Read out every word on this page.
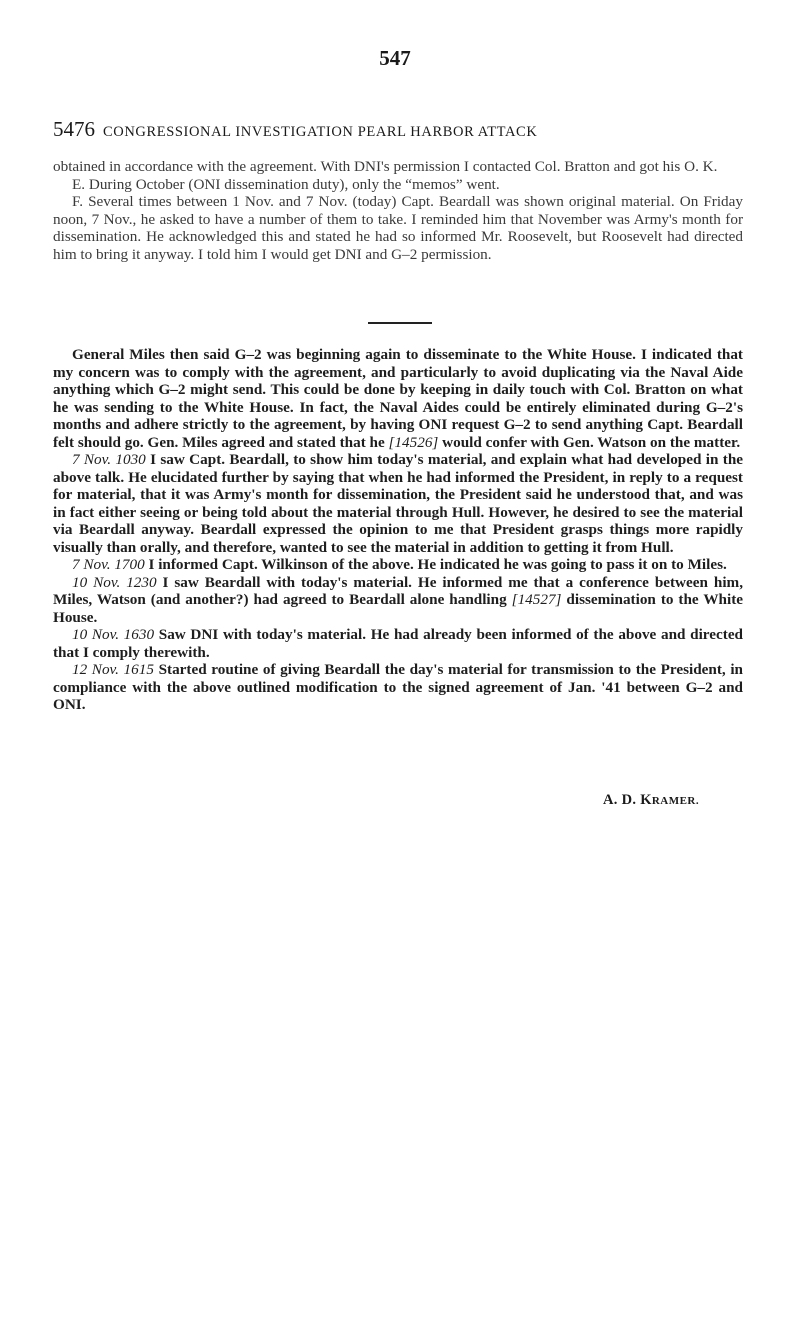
547
5476 CONGRESSIONAL INVESTIGATION PEARL HARBOR ATTACK

obtained in accordance with the agreement. With DNI's permission I contacted Col. Bratton and got his O. K.

E. During October (ONI dissemination duty), only the “memos” went.

F. Several times between 1 Nov. and 7 Nov. (today) Capt. Beardall was shown original material. On Friday noon, 7 Nov., he asked to have a number of them to take. I reminded him that November was Army's month for dissemination. He acknowledged this and stated he had so informed Mr. Roosevelt, but Roosevelt had directed him to bring it anyway. I told him I would get DNI and G–2 permission.

General Miles then said G–2 was beginning again to disseminate to the White House. I indicated that my concern was to comply with the agreement, and particularly to avoid duplicating via the Naval Aide anything which G–2 might send. This could be done by keeping in daily touch with Col. Bratton on what he was sending to the White House. In fact, the Naval Aides could be entirely eliminated during G–2's months and adhere strictly to the agreement, by having ONI request G–2 to send anything Capt. Beardall felt should go. Gen. Miles agreed and stated that he [14526] would confer with Gen. Watson on the matter.

7 Nov. 1030 I saw Capt. Beardall, to show him today's material, and explain what had developed in the above talk. He elucidated further by saying that when he had informed the President, in reply to a request for material, that it was Army's month for dissemination, the President said he understood that, and was in fact either seeing or being told about the material through Hull. However, he desired to see the material via Beardall anyway. Beardall expressed the opinion to me that President grasps things more rapidly visually than orally, and therefore, wanted to see the material in addition to getting it from Hull.

7 Nov. 1700 I informed Capt. Wilkinson of the above. He indicated he was going to pass it on to Miles.

10 Nov. 1230 I saw Beardall with today's material. He informed me that a conference between him, Miles, Watson (and another?) had agreed to Beardall alone handling [14527] dissemination to the White House.

10 Nov. 1630 Saw DNI with today's material. He had already been informed of the above and directed that I comply therewith.

12 Nov. 1615 Started routine of giving Beardall the day's material for transmission to the President, in compliance with the above outlined modification to the signed agreement of Jan. '41 between G–2 and ONI.

A. D. KRAMER.
